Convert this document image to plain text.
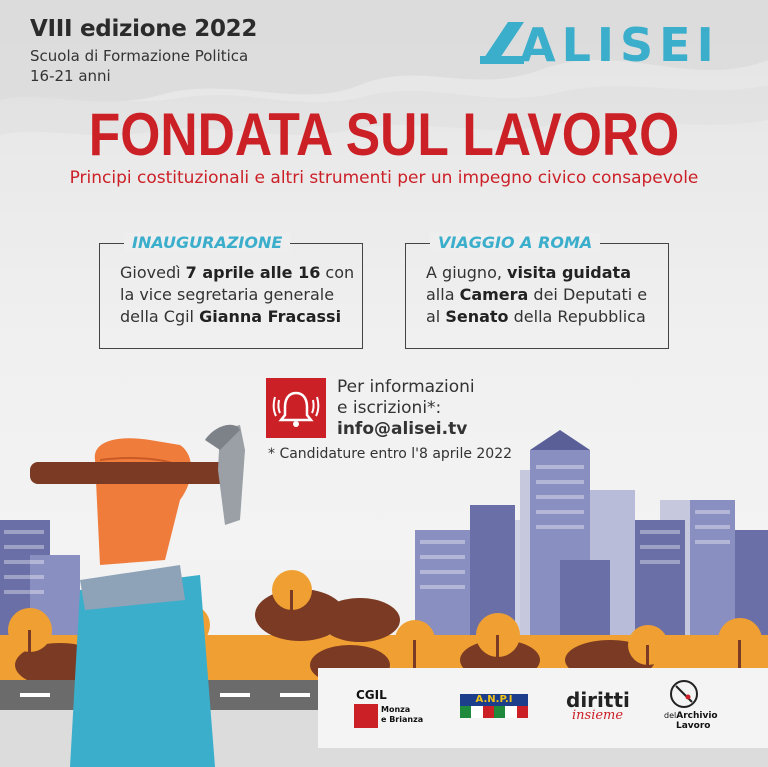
VIII edizione 2022
Scuola di Formazione Politica
16-21 anni
ALISEI
FONDATA SUL LAVORO
Principi costituzionali e altri strumenti per un impegno civico consapevole
INAUGURAZIONE
Giovedì 7 aprile alle 16 con
la vice segretaria generale
della Cgil Gianna Fracassi
VIAGGIO A ROMA
A giugno, visita guidata
alla Camera dei Deputati e
al Senato della Repubblica
Per informazioni
e iscrizioni*:
info@alisei.tv
* Candidature entro l'8 aprile 2022
CGIL
Monza
e Brianza
A.N.P.I	diritti
insieme	delArchivio
Lavoro
